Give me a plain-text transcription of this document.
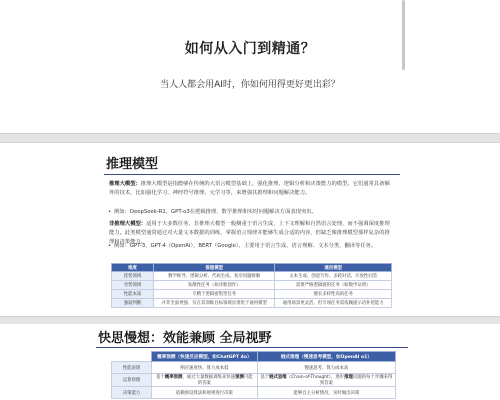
如何从入门到精通？
当人人都会用AI时，你如何用得更好更出彩？
推理模型
推理大模型：推理大模型是指能够在传统的大语言模型基础上，强化推理、逻辑分析和决策能力的模型。它们通常具备额外的技术，比如强化学习、神经符号推理、元学习等，来增强其推理和问题解决能力。
• 例如：DeepSeek-R1，GPT-o3在逻辑推理、数学推理和实时问题解决方面表现突出。
非推理大模型：适用于大多数任务，非推理大模型一般侧重于语言生成、上下文理解和自然语言处理，而不强调深度推理能力。此类模型通常通过对大量文本数据的训练，掌握语言规律并能够生成合适的内容，但缺乏像推理模型那样复杂的推理和决策能力。
• 例如：GPT-3、GPT-4（OpenAI），BERT（Google），主要用于语言生成、语言理解、文本分类、翻译等任务。
维度	推理模型	通用模型
优势领域	数学推导、逻辑分析、代码生成、复杂问题拆解	文本生成、创意写作、多轮对话、开放性问答
劣势领域	发散性任务（如诗歌创作）	需要严格逻辑链的任务（如数学证明）
性能本质	专精于逻辑密集型任务	擅长多样性高的任务
强弱判断	并非全面更强，仅在其训练目标领域显著优于通用模型	通用场景更灵活，但专项任务需依赖提示语补偿能力
快思慢想：效能兼顾 全局视野
	概率预测（快速反应模型，如ChatGPT 4o）	链式推理（慢速思考模型，如OpenAI o1）
性能表现	响应速度快、算力成本低	慢速思考、算力成本高
运算原理	基于概率预测，通过大量数据训练来快速预测可能的答案	基于链式思维（Chain-of-Thought），逐步推理问题的每个步骤来得到答案
决策能力	依赖预设算法和规则进行决策	能够自主分析情况，实时做出决策
